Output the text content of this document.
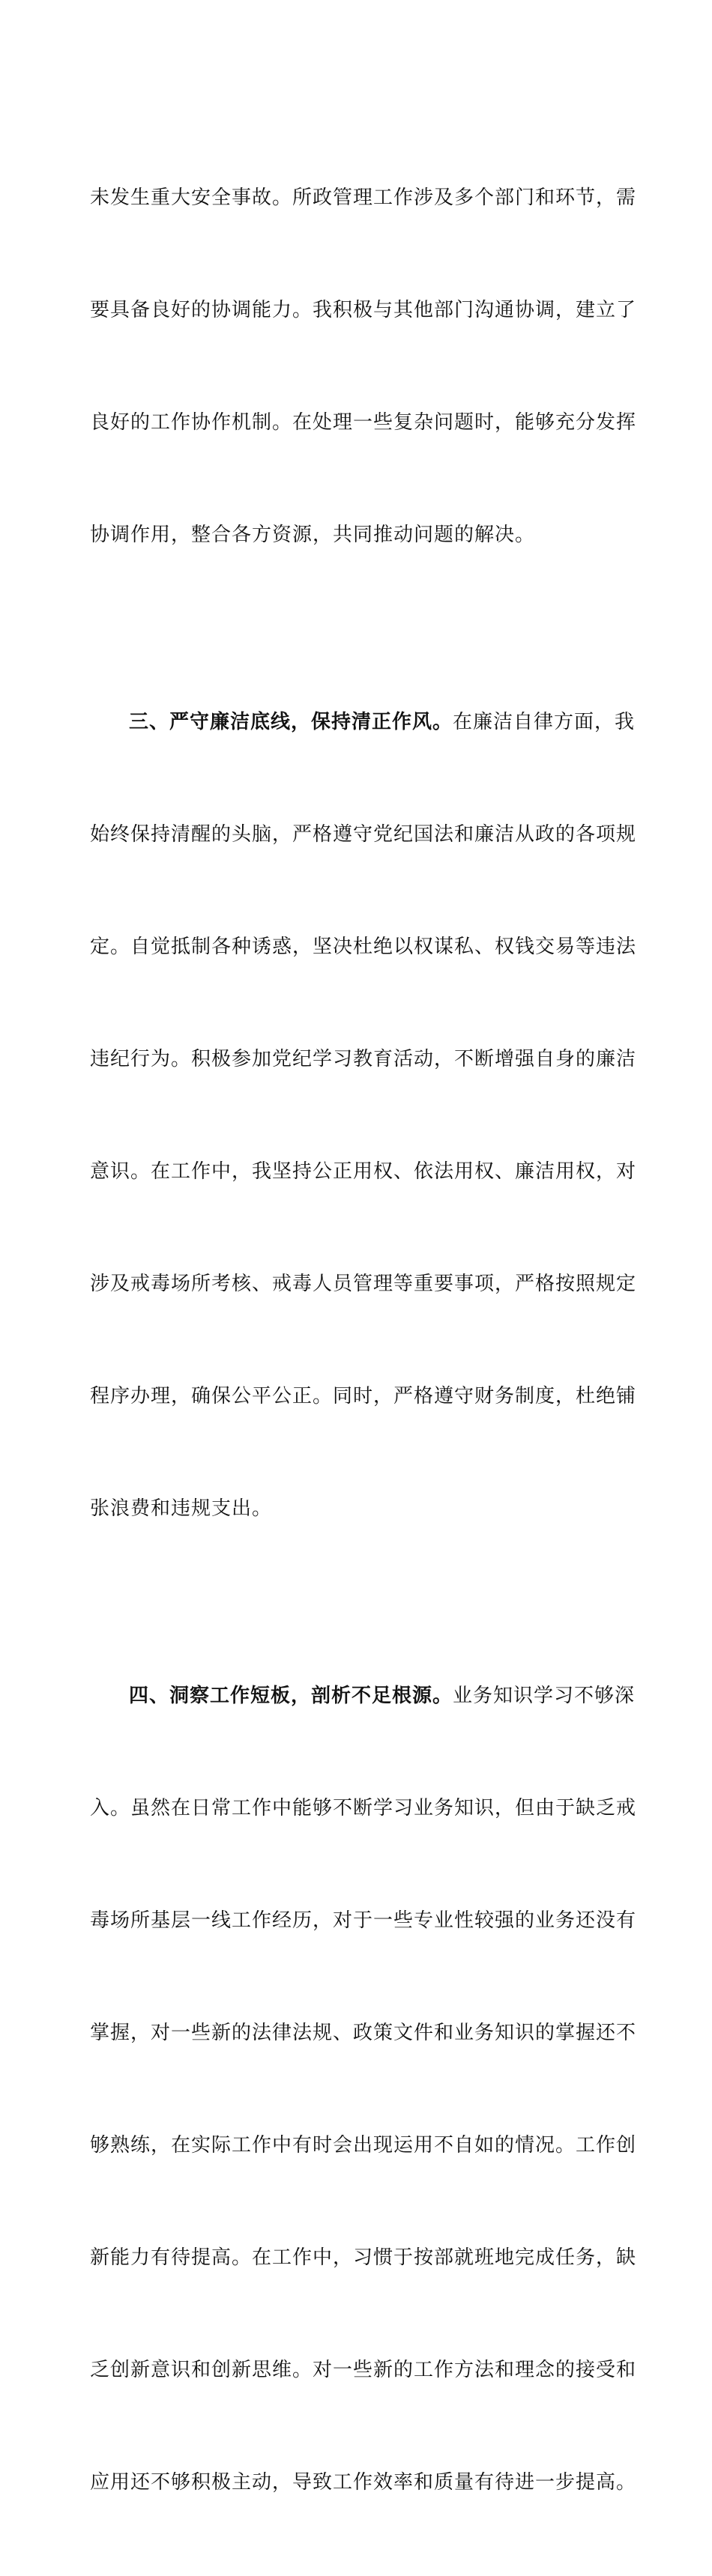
未发生重大安全事故。所政管理工作涉及多个部门和环节，需

要具备良好的协调能力。我积极与其他部门沟通协调，建立了

良好的工作协作机制。在处理一些复杂问题时，能够充分发挥

协调作用，整合各方资源，共同推动问题的解决。

三、严守廉洁底线，保持清正作风。在廉洁自律方面，我

始终保持清醒的头脑，严格遵守党纪国法和廉洁从政的各项规

定。自觉抵制各种诱惑，坚决杜绝以权谋私、权钱交易等违法

违纪行为。积极参加党纪学习教育活动，不断增强自身的廉洁

意识。在工作中，我坚持公正用权、依法用权、廉洁用权，对

涉及戒毒场所考核、戒毒人员管理等重要事项，严格按照规定

程序办理，确保公平公正。同时，严格遵守财务制度，杜绝铺

张浪费和违规支出。

四、洞察工作短板，剖析不足根源。业务知识学习不够深

入。虽然在日常工作中能够不断学习业务知识，但由于缺乏戒

毒场所基层一线工作经历，对于一些专业性较强的业务还没有

掌握，对一些新的法律法规、政策文件和业务知识的掌握还不

够熟练，在实际工作中有时会出现运用不自如的情况。工作创

新能力有待提高。在工作中，习惯于按部就班地完成任务，缺

乏创新意识和创新思维。对一些新的工作方法和理念的接受和

应用还不够积极主动，导致工作效率和质量有待进一步提高。
